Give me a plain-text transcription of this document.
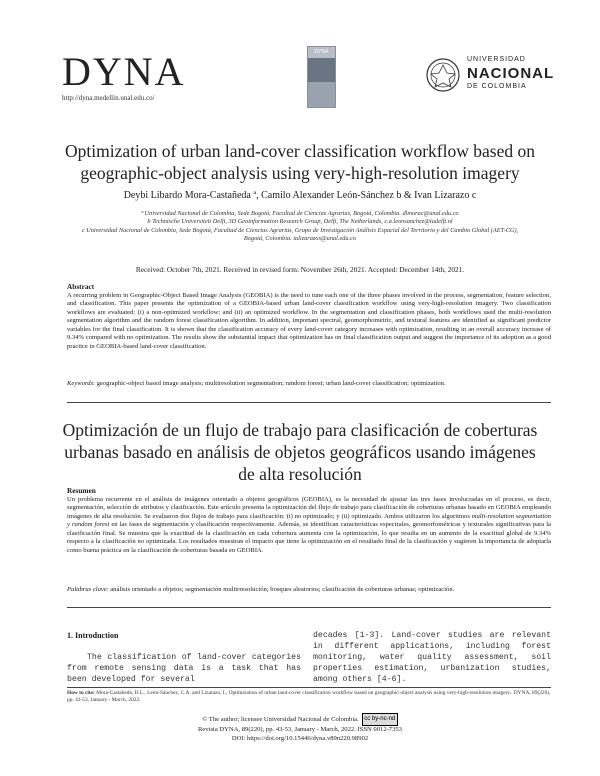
DYNA
http://dyna.medellin.unal.edu.co/
DYNA
UNIVERSIDAD
NACIONAL
DE COLOMBIA
Optimization of urban land-cover classification workflow based on geographic-object analysis using very-high-resolution imagery
Deybi Libardo Mora-Castañeda ª, Camilo Alexander León-Sánchez b & Ivan Lizarazo c
ª Universidad Nacional de Colombia, Sede Bogotá, Facultad de Ciencias Agrarias, Bogotá, Colombia. dlmorac@unal.edu.co
b Technische Universiteit Delft, 3D Geoinformation Research Group, Delft, The Netherlands, c.a.leonsanchez@tudelft.nl
c Universidad Nacional de Colombia, Sede Bogotá, Facultad de Ciencias Agrarias, Grupo de Investigación Análisis Espacial del Territorio y del Cambio Global (AET-CG), Bogotá, Colombia. ializarazos@unal.edu.co
Received: October 7th, 2021. Received in revised form: November 26th, 2021. Accepted: December 14th, 2021.
Abstract
A recurring problem in Geographic-Object Based Image Analysis (GEOBIA) is the need to tune each one of the three phases involved in the process, segmentation, feature selection, and classification. This paper presents the optimization of a GEOBIA-based urban land-cover classification workflow using very-high-resolution imagery. Two classification workflows are evaluated: (i) a non-optimized workflow; and (ii) an optimized workflow. In the segmentation and classification phases, both workflows used the multi-resolution segmentation algorithm and the random forest classification algorithm. In addition, important spectral, geomorphometric, and textural features are identified as significant predictor variables for the final classification. It is shown that the classification accuracy of every land-cover category increases with optimization, resulting in an overall accuracy increase of 9.34% compared with no optimization. The results show the substantial impact that optimization has on final classification output and suggest the importance of its adoption as a good practice in GEOBIA-based land-cover classification.
Keywords: geographic-object based image analysis; multiresolution segmentation; random forest; urban land-cover classification; optimization.
Optimización de un flujo de trabajo para clasificación de coberturas urbanas basado en análisis de objetos geográficos usando imágenes de alta resolución
Resumen
Un problema recurrente en el análisis de imágenes orientado a objetos geográficos (GEOBIA), es la necesidad de ajustar las tres fases involucradas en el proceso, es decir, segmentación, selección de atributos y clasificación. Este artículo presenta la optimización del flujo de trabajo para clasificación de coberturas urbanas basado en GEOBIA empleando imágenes de alta resolución. Se evaluaron dos flujos de trabajo para clasificación: (i) no optimizado; y (ii) optimizado. Ambos utilizaron los algoritmos multi-resolution segmentation y random forest en las fases de segmentación y clasificación respectivamente. Además, se identifican características espectrales, geomorfométricas y texturales significativas para la clasificación final. Se muestra que la exactitud de la clasificación en cada cobertura aumenta con la optimización, lo que resulta en un aumento de la exactitud global de 9.34% respecto a la clasificación no optimizada. Los resultados muestran el impacto que tiene la optimización en el resultado final de la clasificación y sugieren la importancia de adoptarla como buena práctica en la clasificación de coberturas basada en GEOBIA.
Palabras clave: análisis orientado a objetos; segmentación multirresolución; bosques aleatorios; clasificación de coberturas urbanas; optimización.
1. Introduction

The classification of land-cover categories from remote sensing data is a task that has been developed for several

decades [1-3]. Land-cover studies are relevant in different applications, including forest monitoring, water quality assessment, soil properties estimation, urbanization studies, among others [4-6].

How to cite: Mora-Castañeda, D.L., León-Sánchez, C.A. and Lizarazo, I., Optimization of urban land-cover classification workflow based on geographic-object analysis using very-high-resolution imagery.. DYNA, 89(220), pp. 43-53, January - March, 2022.
© The author; licensee Universidad Nacional de Colombia. cc by-nc-nd
Revista DYNA, 89(220), pp. 43-53, January - March, 2022. ISSN 0012-7353
DOI: https://doi.org/10.15446/dyna.v89n220.98902
